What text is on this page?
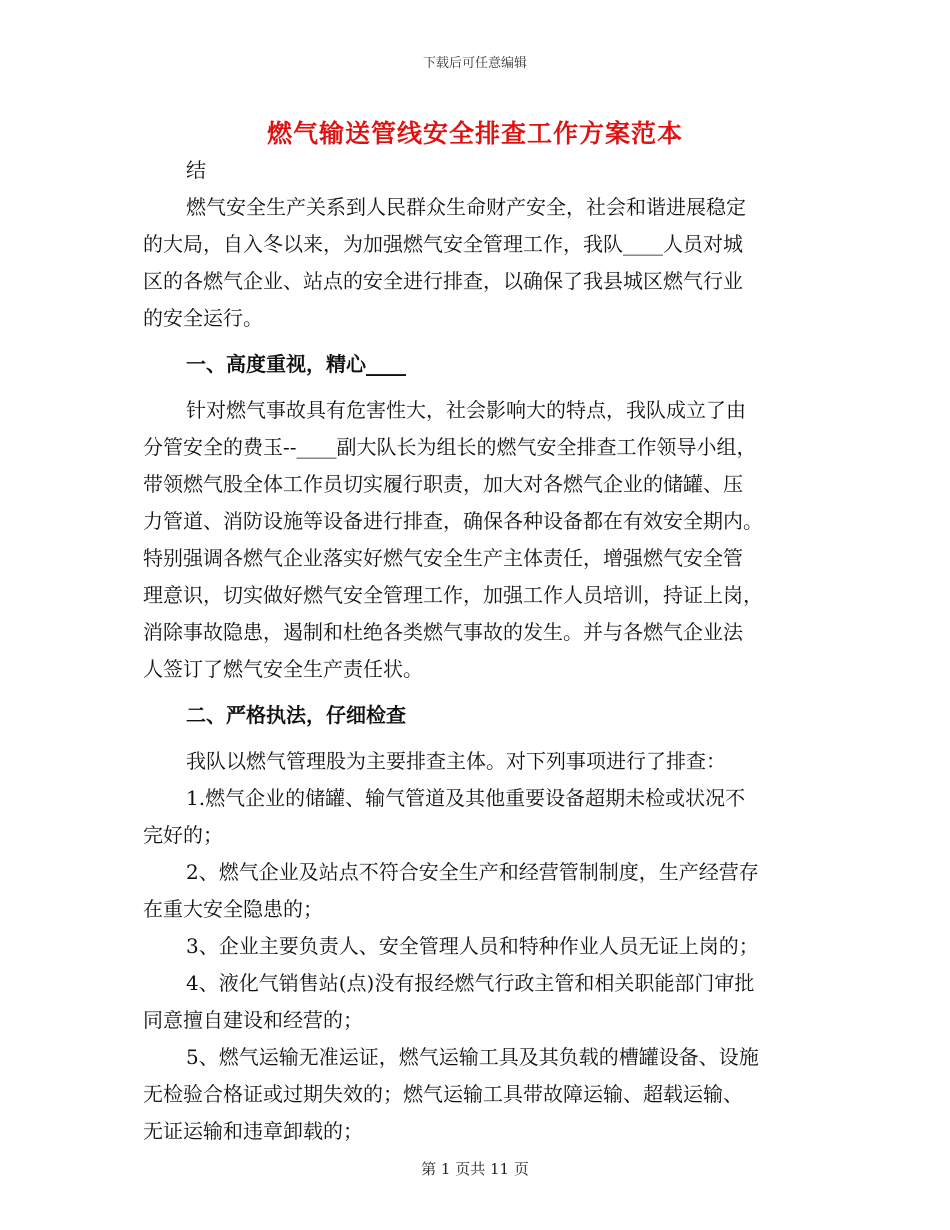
下载后可任意编辑
燃气输送管线安全排查工作方案范本
结
燃气安全生产关系到人民群众生命财产安全，社会和谐进展稳定
的大局，自入冬以来，为加强燃气安全管理工作，我队____人员对城
区的各燃气企业、站点的安全进行排查，以确保了我县城区燃气行业
的安全运行。
一、高度重视，精心____
针对燃气事故具有危害性大，社会影响大的特点，我队成立了由
分管安全的费玉--____副大队长为组长的燃气安全排查工作领导小组，
带领燃气股全体工作员切实履行职责，加大对各燃气企业的储罐、压
力管道、消防设施等设备进行排查，确保各种设备都在有效安全期内。
特别强调各燃气企业落实好燃气安全生产主体责任，增强燃气安全管
理意识，切实做好燃气安全管理工作，加强工作人员培训，持证上岗，
消除事故隐患，遏制和杜绝各类燃气事故的发生。并与各燃气企业法
人签订了燃气安全生产责任状。
二、严格执法，仔细检查
我队以燃气管理股为主要排查主体。对下列事项进行了排查：
1.燃气企业的储罐、输气管道及其他重要设备超期未检或状况不
完好的；
2、燃气企业及站点不符合安全生产和经营管制制度，生产经营存
在重大安全隐患的；
3、企业主要负责人、安全管理人员和特种作业人员无证上岗的；
4、液化气销售站(点)没有报经燃气行政主管和相关职能部门审批
同意擅自建设和经营的；
5、燃气运输无准运证，燃气运输工具及其负载的槽罐设备、设施
无检验合格证或过期失效的；燃气运输工具带故障运输、超载运输、
无证运输和违章卸载的；
第 1 页共 11 页
